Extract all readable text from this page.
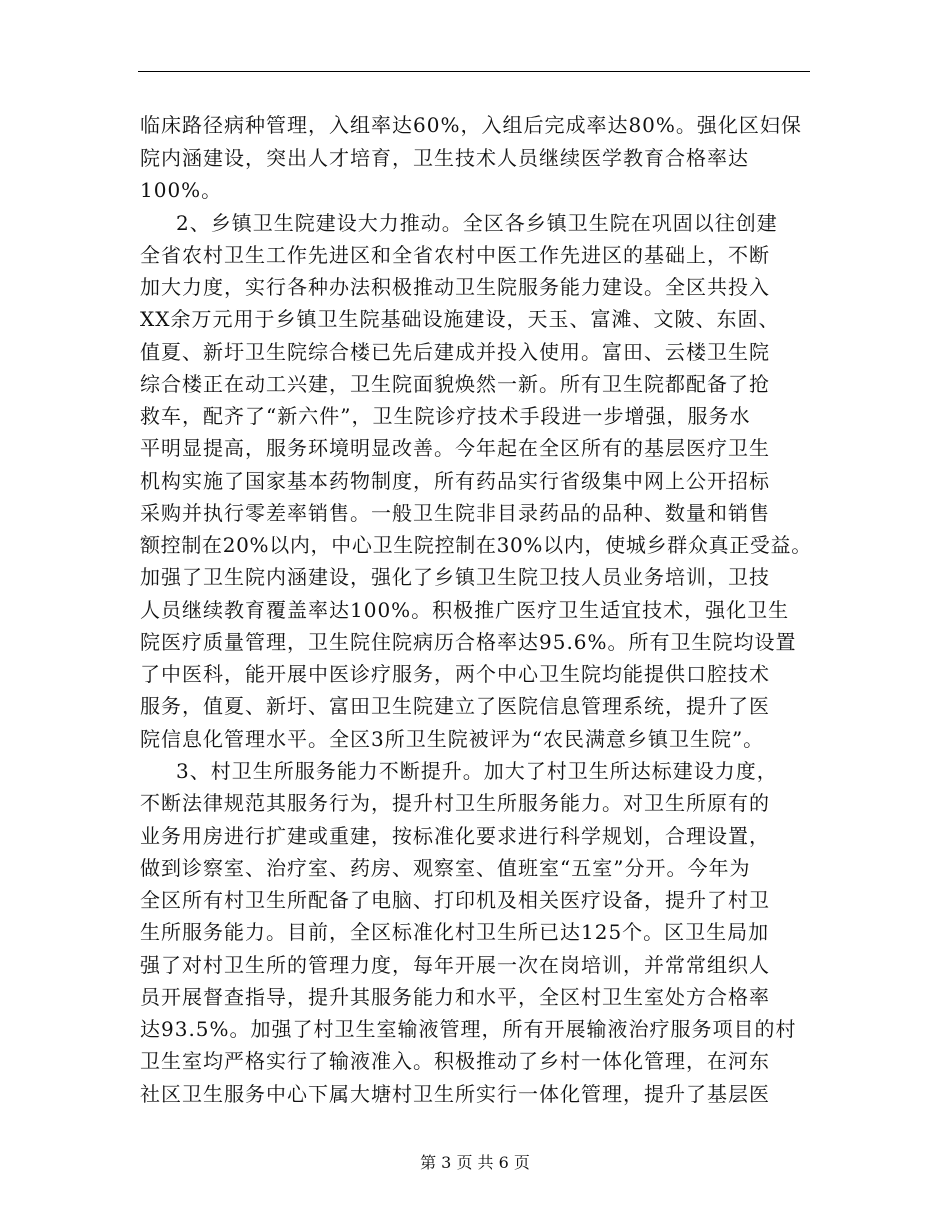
临床路径病种管理，入组率达60%，入组后完成率达80%。强化区妇保
院内涵建设，突出人才培育，卫生技术人员继续医学教育合格率达
100%。
2、乡镇卫生院建设大力推动。全区各乡镇卫生院在巩固以往创建
全省农村卫生工作先进区和全省农村中医工作先进区的基础上，不断
加大力度，实行各种办法积极推动卫生院服务能力建设。全区共投入
XX余万元用于乡镇卫生院基础设施建设，天玉、富滩、文陂、东固、
值夏、新圩卫生院综合楼已先后建成并投入使用。富田、云楼卫生院
综合楼正在动工兴建，卫生院面貌焕然一新。所有卫生院都配备了抢
救车，配齐了“新六件”，卫生院诊疗技术手段进一步增强，服务水
平明显提高，服务环境明显改善。今年起在全区所有的基层医疗卫生
机构实施了国家基本药物制度，所有药品实行省级集中网上公开招标
采购并执行零差率销售。一般卫生院非目录药品的品种、数量和销售
额控制在20%以内，中心卫生院控制在30%以内，使城乡群众真正受益。
加强了卫生院内涵建设，强化了乡镇卫生院卫技人员业务培训，卫技
人员继续教育覆盖率达100%。积极推广医疗卫生适宜技术，强化卫生
院医疗质量管理，卫生院住院病历合格率达95.6%。所有卫生院均设置
了中医科，能开展中医诊疗服务，两个中心卫生院均能提供口腔技术
服务，值夏、新圩、富田卫生院建立了医院信息管理系统，提升了医
院信息化管理水平。全区3所卫生院被评为“农民满意乡镇卫生院”。
3、村卫生所服务能力不断提升。加大了村卫生所达标建设力度，
不断法律规范其服务行为，提升村卫生所服务能力。对卫生所原有的
业务用房进行扩建或重建，按标准化要求进行科学规划，合理设置，
做到诊察室、治疗室、药房、观察室、值班室“五室”分开。今年为
全区所有村卫生所配备了电脑、打印机及相关医疗设备，提升了村卫
生所服务能力。目前，全区标准化村卫生所已达125个。区卫生局加
强了对村卫生所的管理力度，每年开展一次在岗培训，并常常组织人
员开展督查指导，提升其服务能力和水平，全区村卫生室处方合格率
达93.5%。加强了村卫生室输液管理，所有开展输液治疗服务项目的村
卫生室均严格实行了输液准入。积极推动了乡村一体化管理，在河东
社区卫生服务中心下属大塘村卫生所实行一体化管理，提升了基层医
第 3 页 共 6 页
